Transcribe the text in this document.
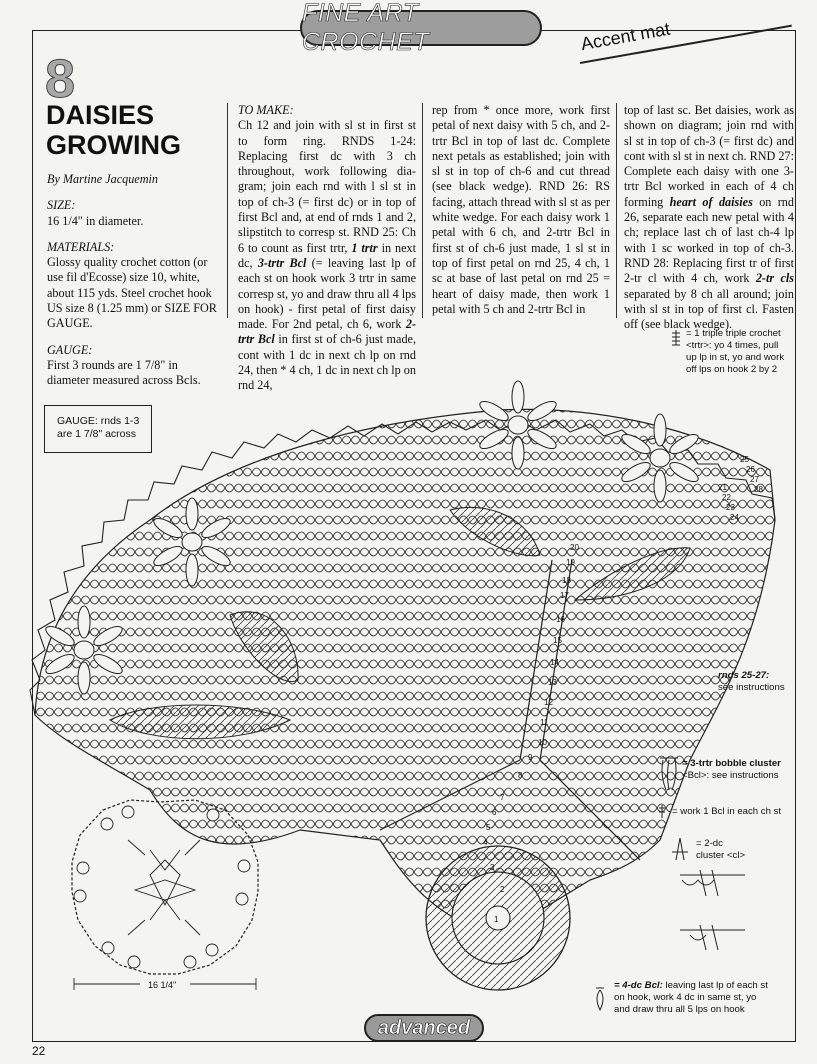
FINE ART CROCHET	Accent mat
8
DAISIES
GROWING

By Martine Jacquemin

SIZE:

16 1/4" in diameter.

MATERIALS:

Glossy quality crochet cotton (or use fil d'Ecosse) size 10, white, about 115 yds. Steel crochet hook US size 8 (1.25 mm) or SIZE FOR GAUGE.

GAUGE:

First 3 rounds are 1 7/8" in diameter measured across Bcls.

TO MAKE:

Ch 12 and join with sl st in first st to form ring. RNDS 1-24: Replacing first dc with 3 ch throughout, work following dia-gram; join each rnd with l sl st in top of ch-3 (= first dc) or in top of first Bcl and, at end of rnds 1 and 2, slipstitch to corresp st. RND 25: Ch 6 to count as first trtr, 1 trtr in next dc, 3-trtr Bcl (= leaving last lp of each st on hook work 3 trtr in same corresp st, yo and draw thru all 4 lps on hook) - first petal of first daisy made. For 2nd petal, ch 6, work 2-trtr Bcl in first st of ch-6 just made, cont with 1 dc in next ch lp on rnd 24, then * 4 ch, 1 dc in next ch lp on rnd 24,

rep from * once more, work first petal of next daisy with 5 ch, and 2-trtr Bcl in top of last dc. Complete next petals as established; join with sl st in top of ch-6 and cut thread (see black wedge). RND 26: RS facing, attach thread with sl st as per white wedge. For each daisy work 1 petal with 6 ch, and 2-trtr Bcl in first st of ch-6 just made, 1 sl st in top of first petal on rnd 25, 4 ch, 1 sc at base of last petal on rnd 25 = heart of daisy made, then work 1 petal with 5 ch and 2-trtr Bcl in

top of last sc. Bet daisies, work as shown on diagram; join rnd with sl st in top of ch-3 (= first dc) and cont with sl st in next ch. RND 27: Complete each daisy with one 3-trtr Bcl worked in each of 4 ch forming heart of daisies on rnd 26, separate each new petal with 4 ch; replace last ch of last ch-4 lp with 1 sc worked in top of ch-3. RND 28: Replacing first tr of first 2-tr cl with 4 ch, work 2-tr cls separated by 8 ch all around; join with sl st in top of first cl. Fasten off (see black wedge).

GAUGE: rnds 1-3
are 1 7/8" across
1
2
3
4
5
6
7
8
9
10
11
12
13
14
15
16
17
18
19
20
21
22
23
24
25
26
27
28
16 1/4"
= 1 triple triple crochet
<trtr>: yo 4 times, pull
up lp in st, yo and work
off lps on hook 2 by 2
rnds 25-27:
see instructions
= 3-trtr bobble cluster
<Bcl>: see instructions
= work 1 Bcl in each ch st
= 2-dc
cluster <cl>
= 4-dc Bcl: leaving last lp of each st
on hook, work 4 dc in same st, yo
and draw thru all 5 lps on hook
advanced
22
